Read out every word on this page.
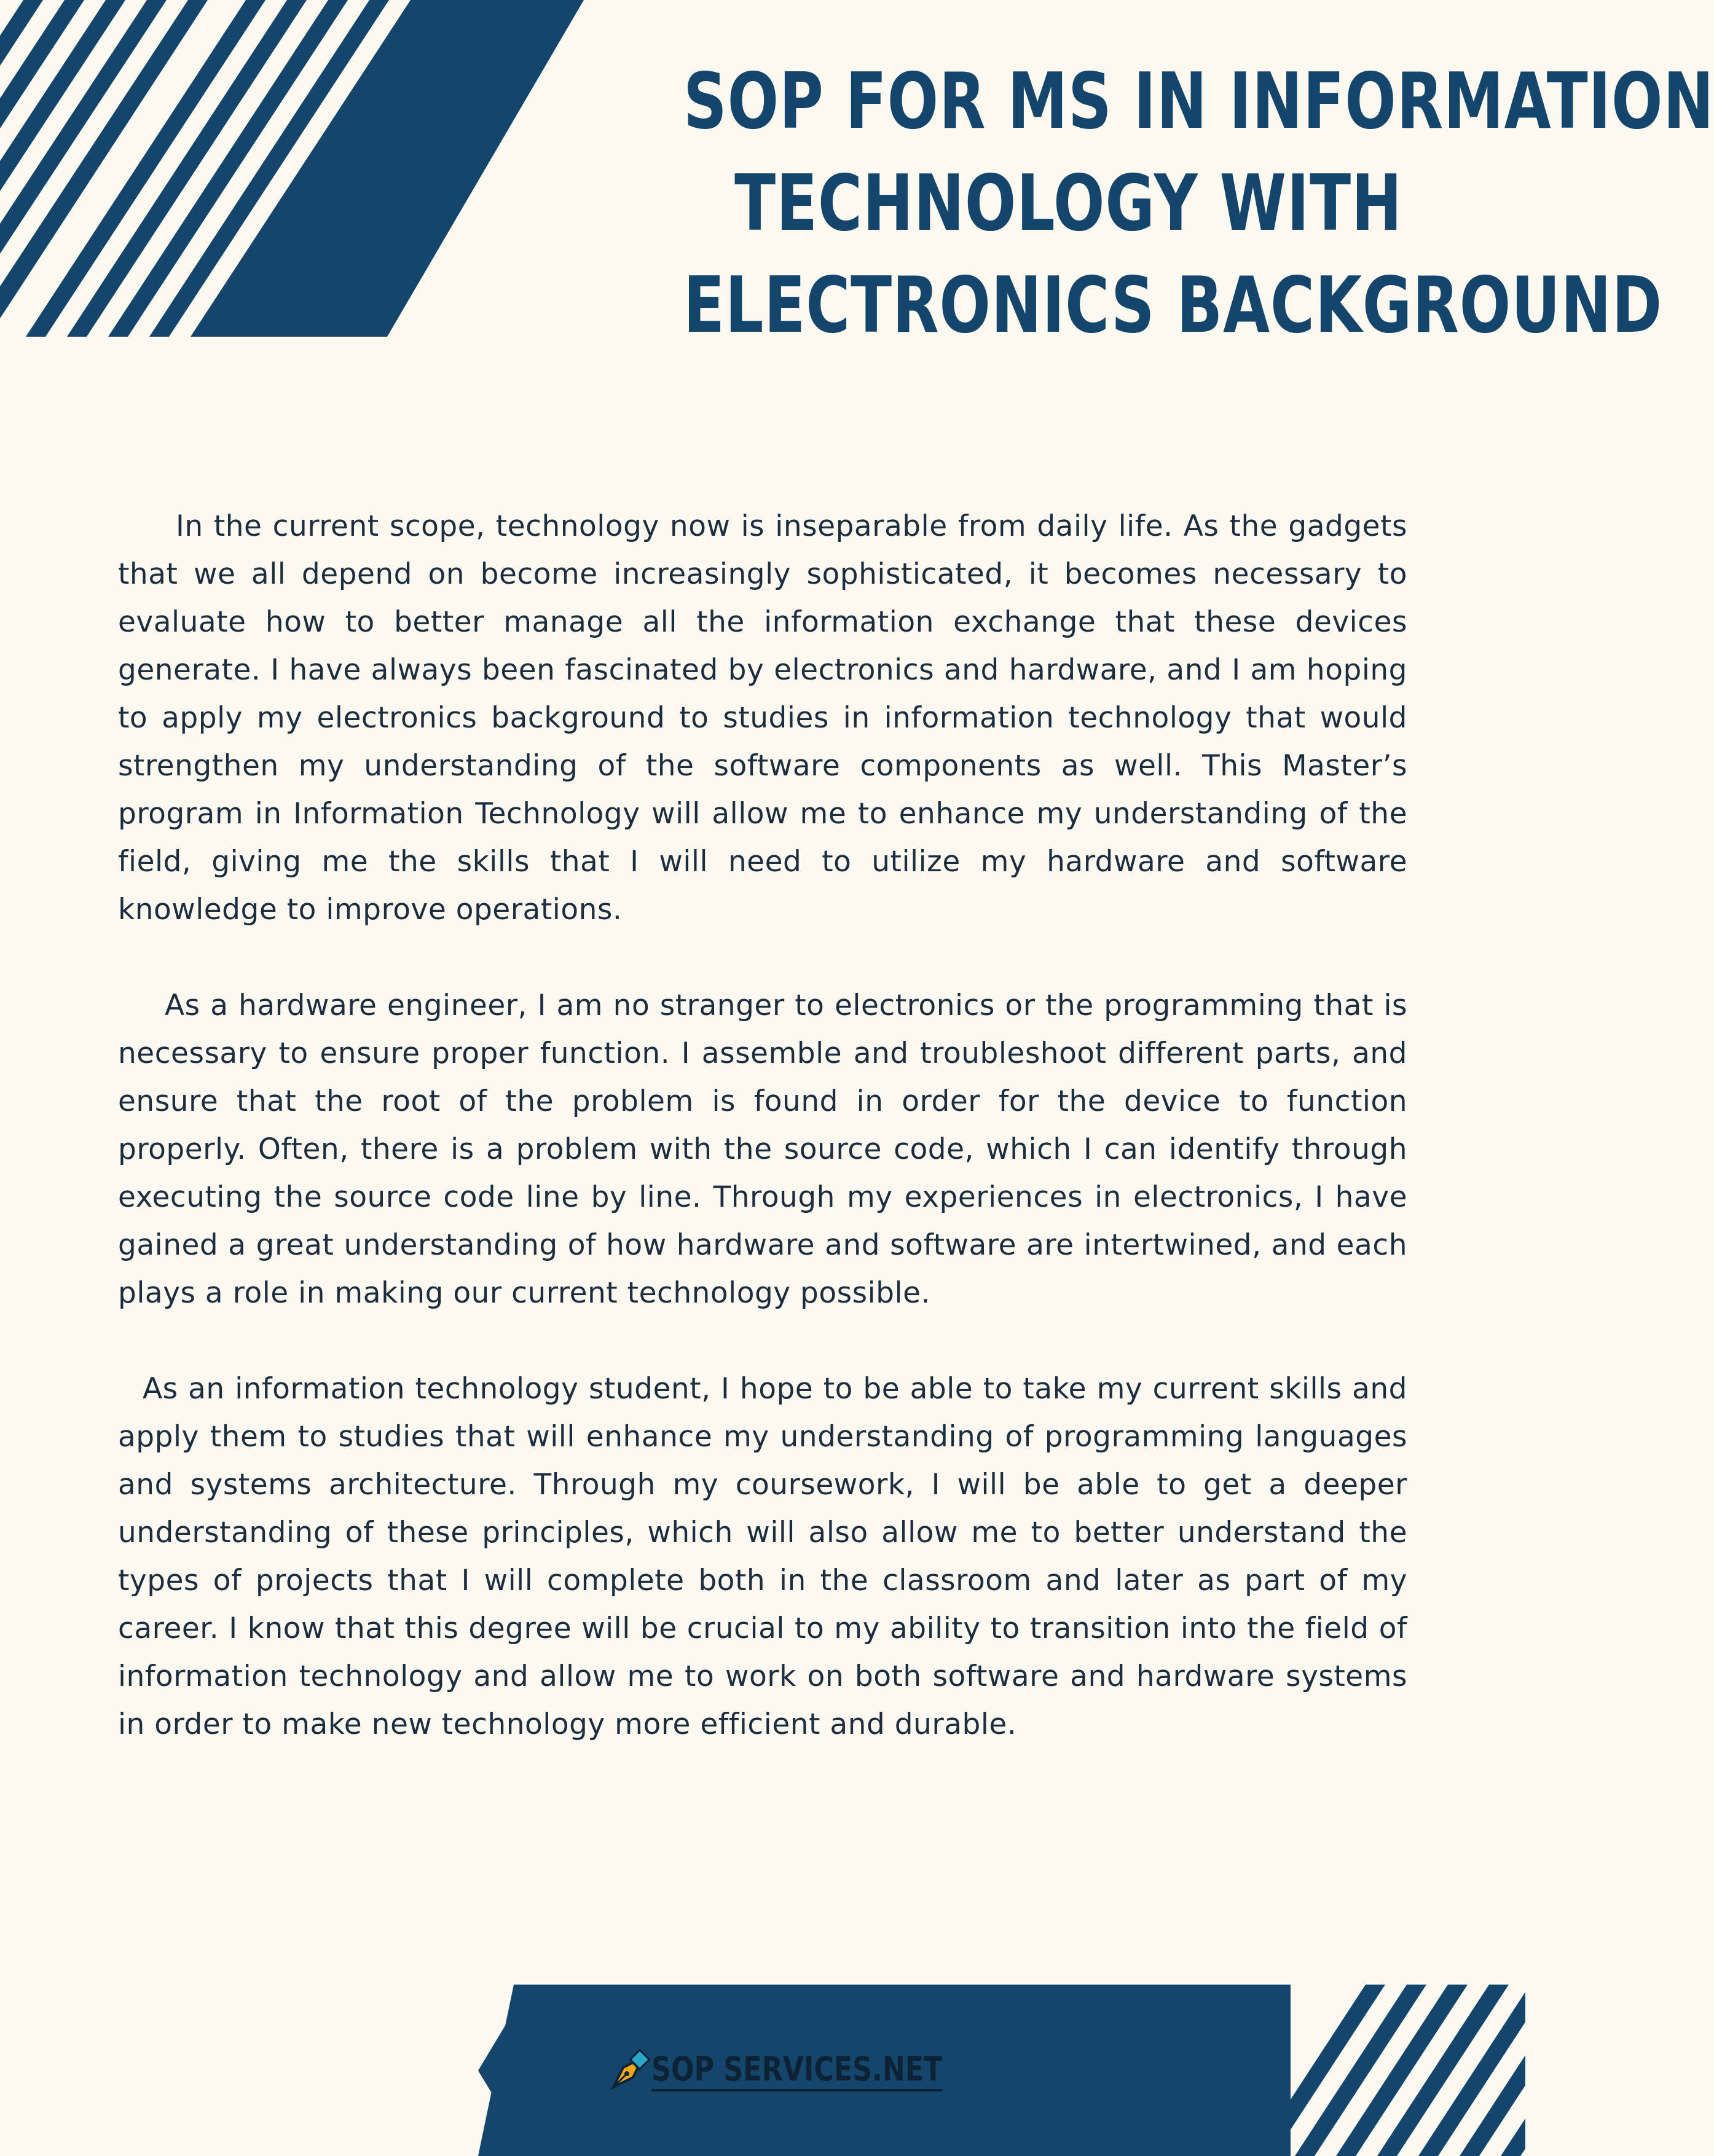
SOP FOR MS IN INFORMATION
TECHNOLOGY WITH
ELECTRONICS BACKGROUND

In the current scope, technology now is inseparable from daily life. As the gadgets that we all depend on become increasingly sophisticated, it becomes necessary to evaluate how to better manage all the information exchange that these devices generate. I have always been fascinated by electronics and hardware, and I am hoping to apply my electronics background to studies in information technology that would strengthen my understanding of the software components as well. This Master’s program in Information Technology will allow me to enhance my understanding of the field, giving me the skills that I will need to utilize my hardware and software knowledge to improve operations.

As a hardware engineer, I am no stranger to electronics or the programming that is necessary to ensure proper function. I assemble and troubleshoot different parts, and ensure that the root of the problem is found in order for the device to function properly. Often, there is a problem with the source code, which I can identify through executing the source code line by line. Through my experiences in electronics, I have gained a great understanding of how hardware and software are intertwined, and each plays a role in making our current technology possible.

As an information technology student, I hope to be able to take my current skills and apply them to studies that will enhance my understanding of programming languages and systems architecture. Through my coursework, I will be able to get a deeper understanding of these principles, which will also allow me to better understand the types of projects that I will complete both in the classroom and later as part of my career. I know that this degree will be crucial to my ability to transition into the field of information technology and allow me to work on both software and hardware systems in order to make new technology more efficient and durable.

SOP SERVICES.NET
